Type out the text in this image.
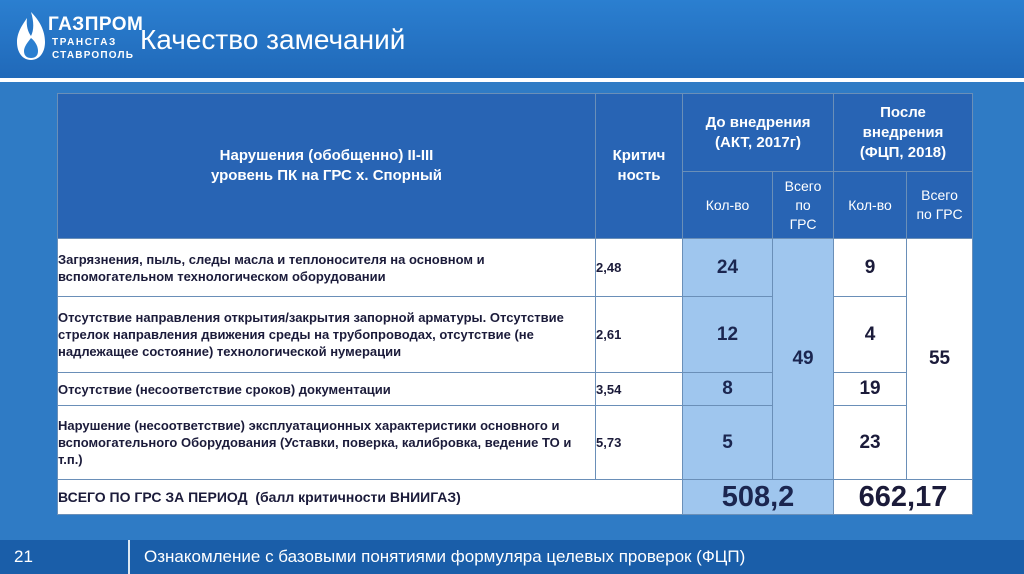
ГАЗПРОМ
ТРАНСГАЗ
СТАВРОПОЛЬ
Качество замечаний
Нарушения (обобщенно) II-III уровень ПК на ГРС х. Спорный	Критич ность	До внедрения (АКТ, 2017г)		После внедрения (ФЦП, 2018)	
		Кол-во	Всего по ГРС	Кол-во	Всего по ГРС
Загрязнения, пыль, следы масла и теплоносителя на основном и вспомогательном технологическом оборудовании	2,48	24	49	9	55
Отсутствие направления открытия/закрытия запорной арматуры. Отсутствие стрелок направления движения среды на трубопроводах, отсутствие (не надлежащее состояние) технологической нумерации	2,61	12		4	
Отсутствие (несоответствие сроков) документации	3,54	8		19	
Нарушение (несоответствие) эксплуатационных характеристики основного и вспомогательного Оборудования (Уставки, поверка, калибровка, ведение ТО и т.п.)	5,73	5		23	
ВСЕГО ПО ГРС ЗА ПЕРИОД  (балл критичности ВНИИГАЗ)		508,2		662,17	
21	Ознакомление с базовыми понятиями формуляра целевых проверок (ФЦП)
